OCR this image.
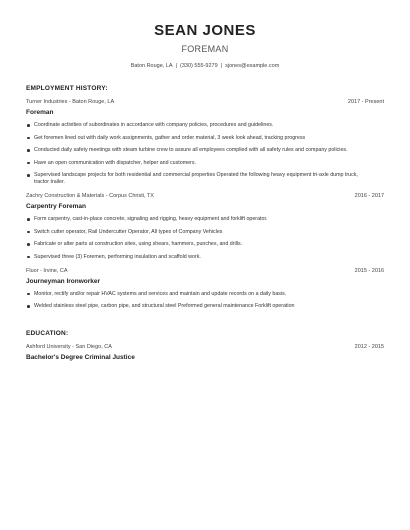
SEAN JONES
FOREMAN
Baton Rouge, LA | (330) 555-9279 | sjones@example.com
EMPLOYMENT HISTORY:
Turner Industries - Baton Rouge, LA	2017 - Present
Foreman
Coordinate activities of subordinates in accordance with company policies, procedures and guidelines.
Get foremen lined out with daily work assignments, gather and order material, 3 week look ahead, tracking progress
Conducted daily safety meetings with steam turbine crew to assure all employees complied with all safety rules and company policies.
Have an open communication with dispatcher, helper and customers.
Supervised landscape projects for both residential and commercial properties Operated the following heavy equipment tri-axle dump truck, tractor trailer.
Zachry Construction & Materials - Corpus Christi, TX	2016 - 2017
Carpentry Foreman
Form carpentry, cast-in-place concrete, signaling and rigging, heavy equipment and forklift operator.
Switch cutter operator, Rail Undercutter Operator, All types of Company Vehicles
Fabricate or alter parts at construction sites, using shears, hammers, punches, and drills.
Supervised three (3) Foremen, performing insulation and scaffold work.
Fluor - Irvine, CA	2015 - 2016
Journeyman Ironworker
Monitor, rectify and/or repair HVAC systems and services and maintain and update records on a daily basis.
Welded stainless steel pipe, carbon pipe, and structural steel Preformed general maintenance Forklift operation
EDUCATION:
Ashford University - San Diego, CA	2012 - 2015
Bachelor's Degree Criminal Justice
